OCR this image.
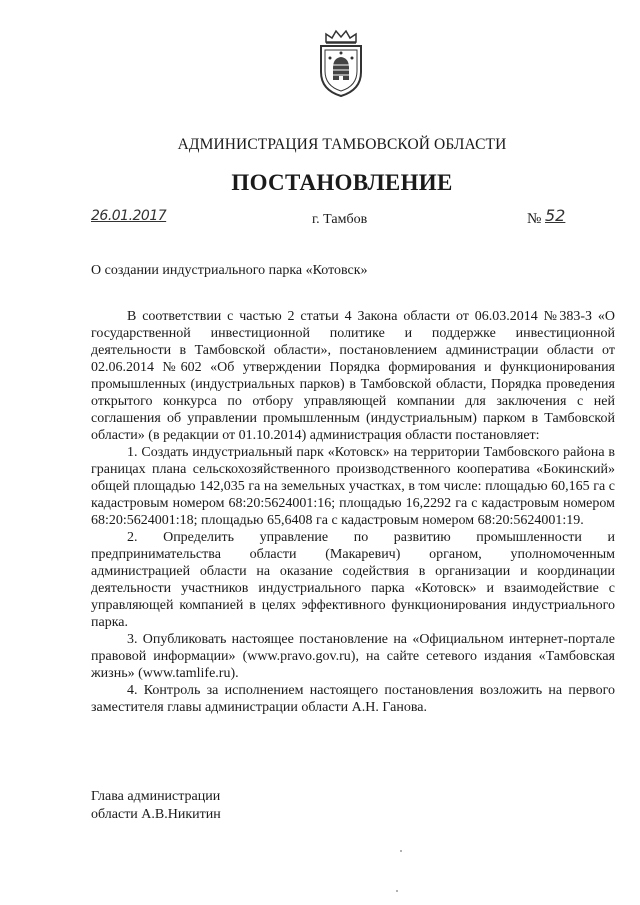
АДМИНИСТРАЦИЯ ТАМБОВСКОЙ ОБЛАСТИ
ПОСТАНОВЛЕНИЕ
26.01.2017	г. Тамбов	№ 52
О создании индустриального парка «Котовск»

В соответствии с частью 2 статьи 4 Закона области от 06.03.2014 №383-З «О государственной инвестиционной политике и поддержке инвестиционной деятельности в Тамбовской области», постановлением администрации области от 02.06.2014 №602 «Об утверждении Порядка формирования и функционирования промышленных (индустриальных парков) в Тамбовской области, Порядка проведения открытого конкурса по отбору управляющей компании для заключения с ней соглашения об управлении промышленным (индустриальным) парком в Тамбовской области» (в редакции от 01.10.2014) администрация области постановляет:

1. Создать индустриальный парк «Котовск» на территории Тамбовского района в границах плана сельскохозяйственного производственного кооператива «Бокинский» общей площадью 142,035 га на земельных участках, в том числе: площадью 60,165 га с кадастровым номером 68:20:5624001:16; площадью 16,2292 га с кадастровым номером 68:20:5624001:18; площадью 65,6408 га с кадастровым номером 68:20:5624001:19.

2. Определить управление по развитию промышленности и предпринимательства области (Макаревич) органом, уполномоченным администрацией области на оказание содействия в организации и координации деятельности участников индустриального парка «Котовск» и взаимодействие с управляющей компанией в целях эффективного функционирования индустриального парка.

3. Опубликовать настоящее постановление на «Официальном интернет-портале правовой информации» (www.pravo.gov.ru), на сайте сетевого издания «Тамбовская жизнь» (www.tamlife.ru).

4. Контроль за исполнением настоящего постановления возложить на первого заместителя главы администрации области А.Н. Ганова.

Глава администрации
области А.В.Никитин
